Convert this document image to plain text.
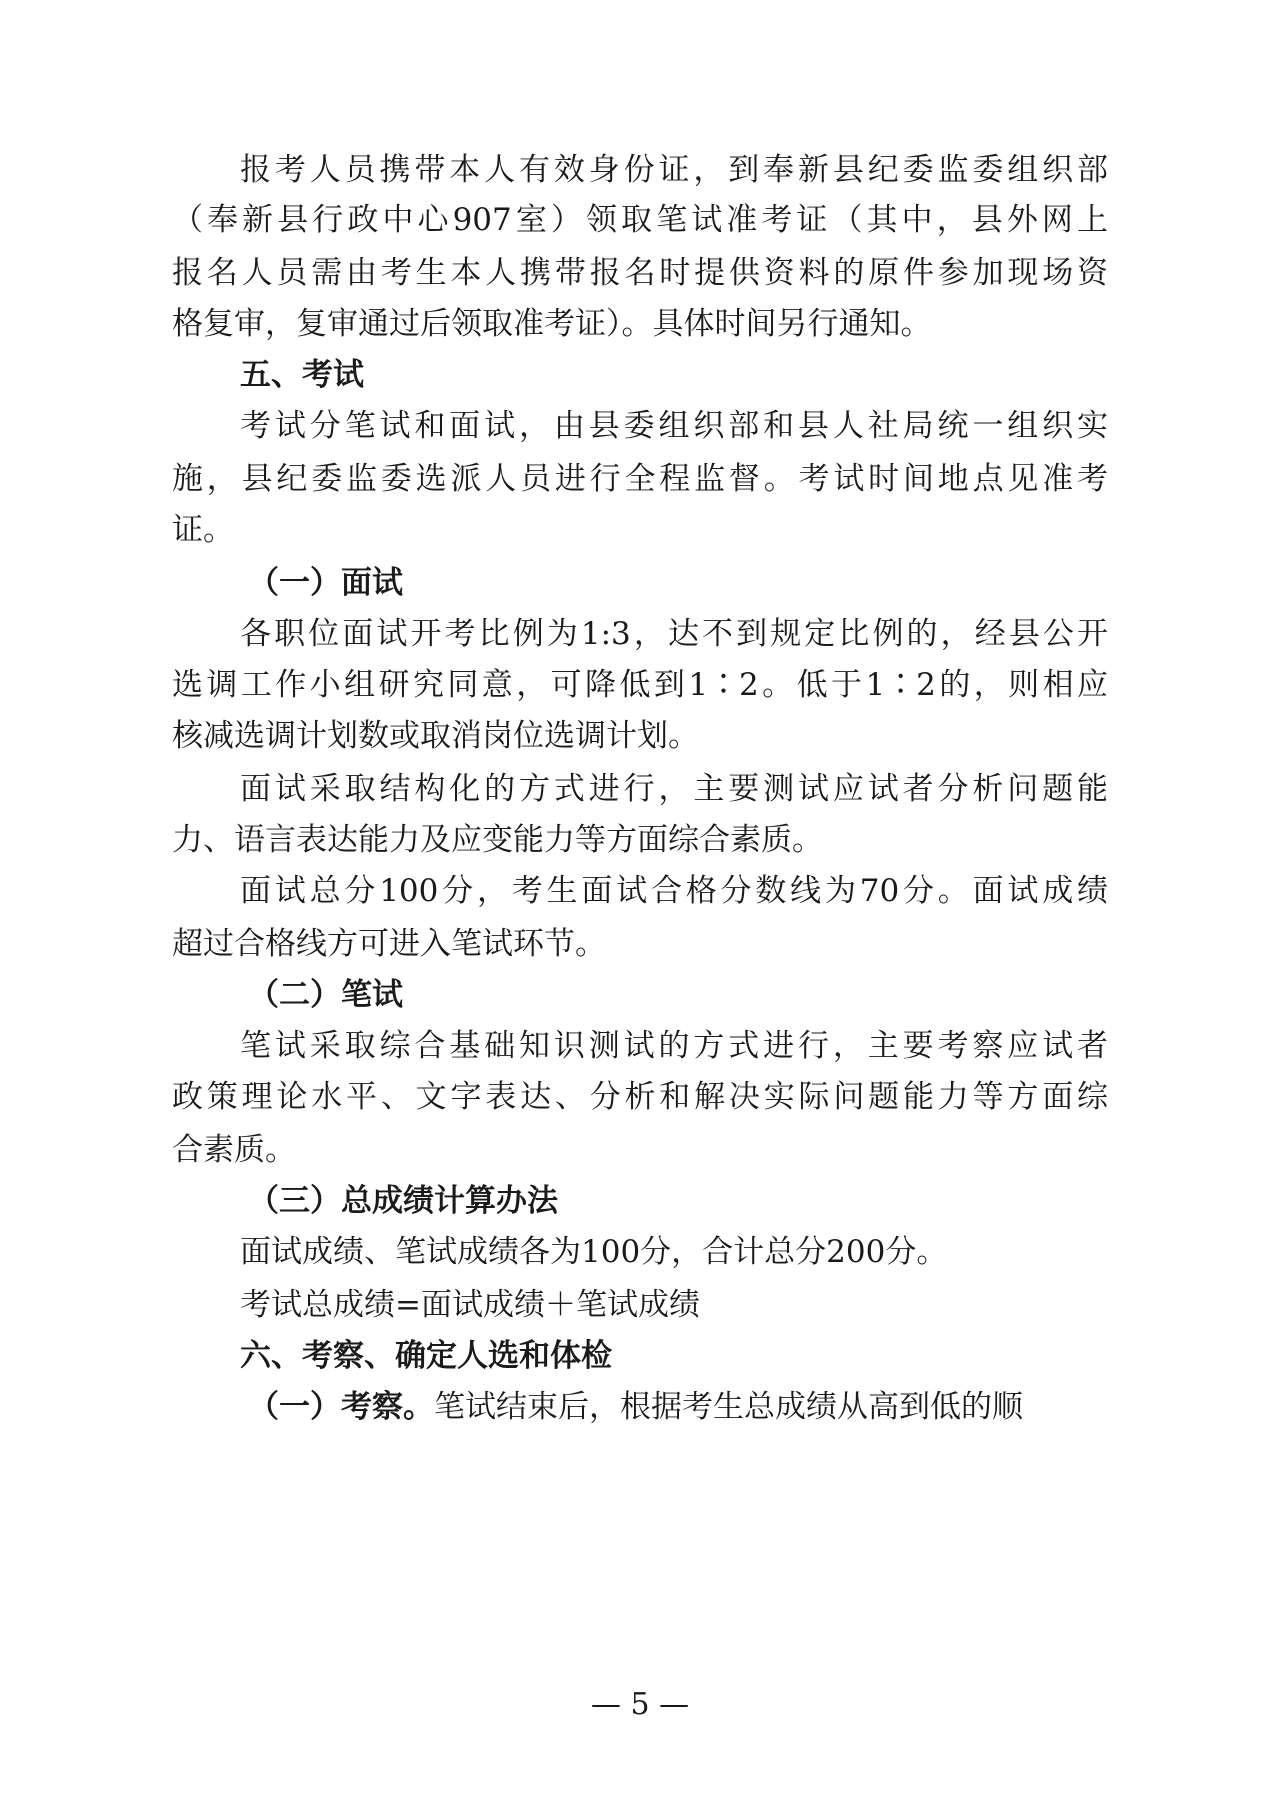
报考人员携带本人有效身份证，到奉新县纪委监委组织部
（奉新县行政中心907室）领取笔试准考证（其中，县外网上
报名人员需由考生本人携带报名时提供资料的原件参加现场资
格复审，复审通过后领取准考证）。具体时间另行通知。
五、考试
考试分笔试和面试，由县委组织部和县人社局统一组织实
施，县纪委监委选派人员进行全程监督。考试时间地点见准考
证。
（一）面试
各职位面试开考比例为1:3，达不到规定比例的，经县公开
选调工作小组研究同意，可降低到1∶2。低于1∶2的，则相应
核减选调计划数或取消岗位选调计划。
面试采取结构化的方式进行，主要测试应试者分析问题能
力、语言表达能力及应变能力等方面综合素质。
面试总分100分，考生面试合格分数线为70分。面试成绩
超过合格线方可进入笔试环节。
（二）笔试
笔试采取综合基础知识测试的方式进行，主要考察应试者
政策理论水平、文字表达、分析和解决实际问题能力等方面综
合素质。
（三）总成绩计算办法
面试成绩、笔试成绩各为100分，合计总分200分。
考试总成绩=面试成绩＋笔试成绩
六、考察、确定人选和体检
（一）考察。笔试结束后，根据考生总成绩从高到低的顺
— 5 —
